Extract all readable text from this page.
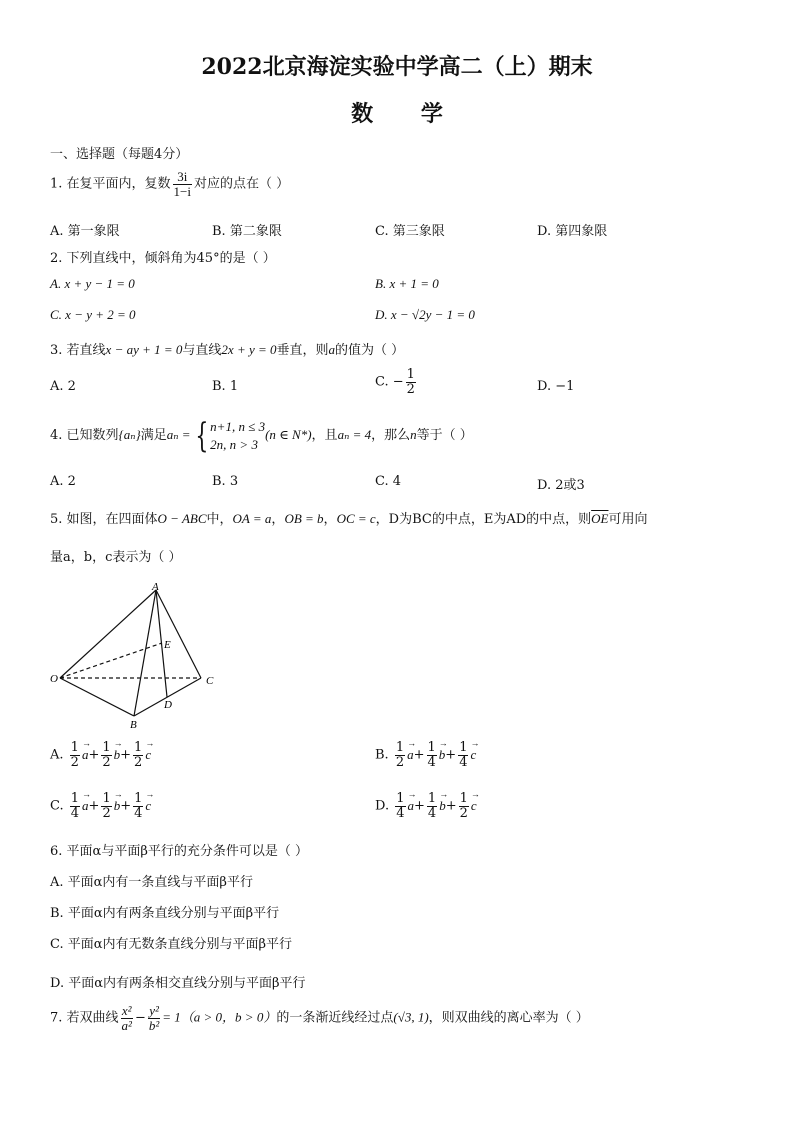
2022北京海淀实验中学高二（上）期末
数 学
一、选择题（每题4分）
1. 在复平面内，复数 $\frac{3i}{1-i}$ 对应的点在（ ）
A. 第一象限	B. 第二象限	C. 第三象限	D. 第四象限
2. 下列直线中，倾斜角为45°的是（ ）
A. x + y − 1 = 0	B. x + 1 = 0
C. x − y + 2 = 0	D. x − √2y − 1 = 0
3. 若直线x − ay + 1 = 0与直线2x + y = 0垂直，则a的值为（ ）
A. 2	B. 1	C. − $\frac{1}{2}$	D. −1
4. 已知数列{aₙ}满足aₙ = { n+1, n ≤ 3
2n, n > 3
(n ∈ N*)，且aₙ = 4，那么n等于（ ）
A. 2	B. 3	C. 4	D. 2或3
5. 如图，在四面体O − ABC中，OA = a，OB = b，OC = c，D为BC的中点，E为AD的中点，则$\overline{OE}$可用向
量a，b，c表示为（ ）
A
E
O	C
B
D
A. $\frac{1}{2} \to a+ \frac{1}{2} \to b+ \frac{1}{2} \to c$	B. $\frac{1}{2} \to a+ \frac{1}{4} \to b+ \frac{1}{4} \to c$
C. $\frac{1}{4} \to a+ \frac{1}{2} \to b+ \frac{1}{4} \to c$	D. $\frac{1}{4} \to a+ \frac{1}{4} \to b+ \frac{1}{2} \to c$
6. 平面α与平面β平行的充分条件可以是（ ）
A. 平面α内有一条直线与平面β平行
B. 平面α内有两条直线分别与平面β平行
C. 平面α内有无数条直线分别与平面β平行
D. 平面α内有两条相交直线分别与平面β平行
7. 若双曲线 $\frac{\text{x²}}{\text{a²}} - \frac{\text{y²}}{\text{b²}} = 1(a > 0$，b > 0）的一条渐近线经过点(√3, 1)，则双曲线的离心率为（ ）
